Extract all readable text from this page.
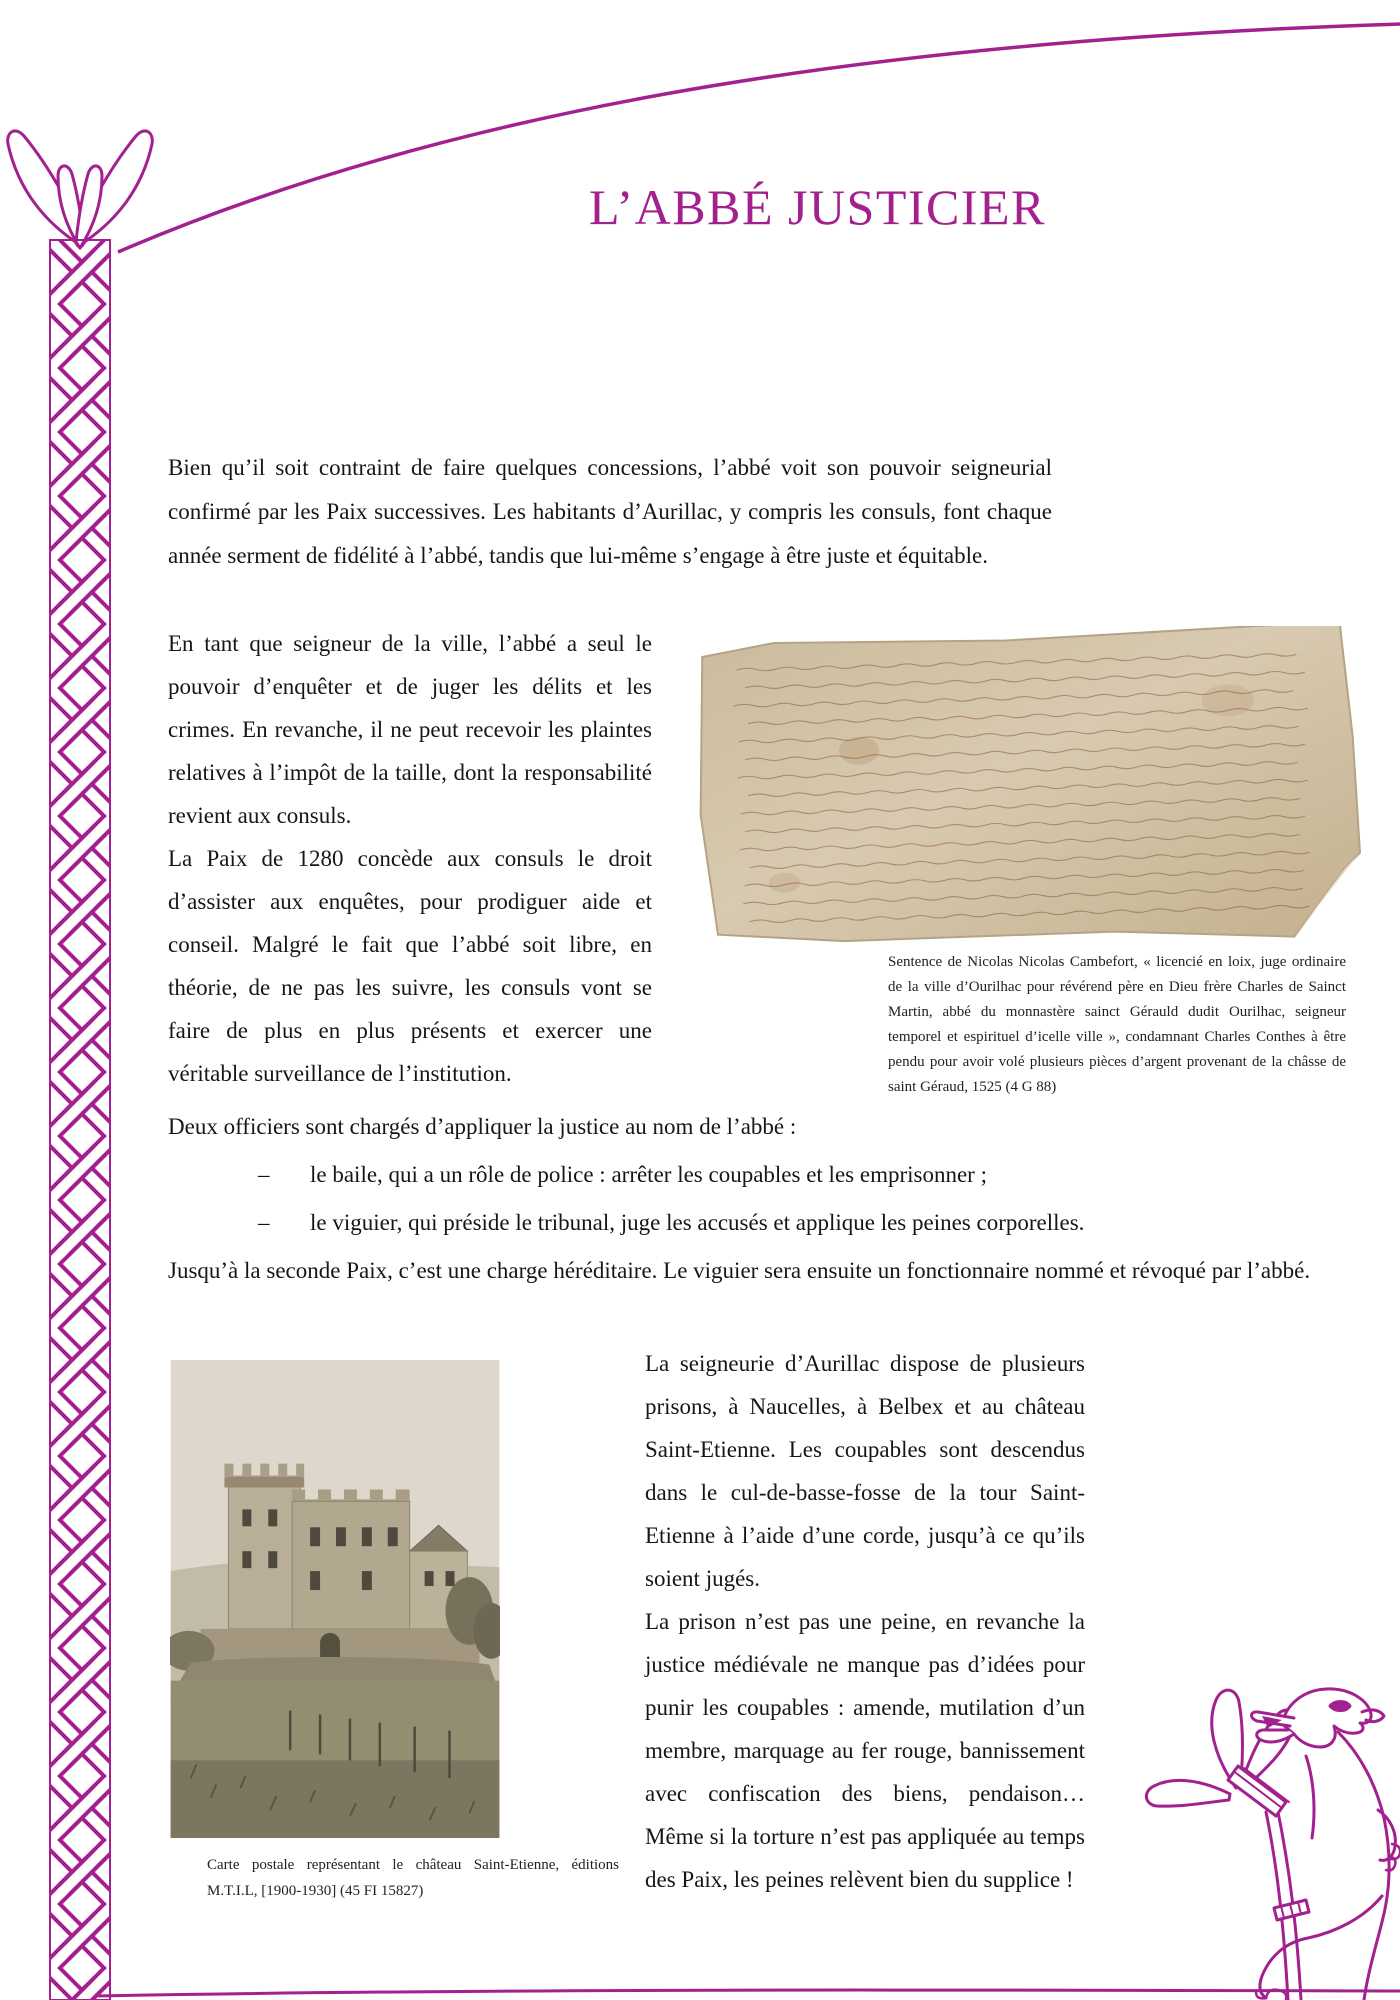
L’ABBÉ JUSTICIER

Bien qu’il soit contraint de faire quelques concessions, l’abbé voit son pouvoir seigneurial confirmé par les Paix successives. Les habitants d’Aurillac, y compris les consuls, font chaque année serment de fidélité à l’abbé, tandis que lui-même s’engage à être juste et équitable.

En tant que seigneur de la ville, l’abbé a seul le pouvoir d’enquêter et de juger les délits et les crimes. En revanche, il ne peut recevoir les plaintes relatives à l’impôt de la taille, dont la responsabilité revient aux consuls.

La Paix de 1280 concède aux consuls le droit d’assister aux enquêtes, pour prodiguer aide et conseil. Malgré le fait que l’abbé soit libre, en théorie, de ne pas les suivre, les consuls vont se faire de plus en plus présents et exercer une véritable surveillance de l’institution.

Sentence de Nicolas Nicolas Cambefort, « licencié en loix, juge ordinaire de la ville d’Ourilhac pour révérend père en Dieu frère Charles de Sainct Martin, abbé du monnastère sainct Gérauld dudit Ourilhac, seigneur temporel et espirituel d’icelle ville », condamnant Charles Conthes à être pendu pour avoir volé plusieurs pièces d’argent provenant de la châsse de saint Géraud, 1525 (4 G 88)

Deux officiers sont chargés d’appliquer la justice au nom de l’abbé :

–	le baile, qui a un rôle de police : arrêter les coupables et les emprisonner ;
–	le viguier, qui préside le tribunal, juge les accusés et applique les peines corporelles.

Jusqu’à la seconde Paix, c’est une charge héréditaire. Le viguier sera ensuite un fonctionnaire nommé et révoqué par l’abbé.

Carte postale représentant le château Saint-Etienne, éditions M.T.I.L, [1900-1930] (45 FI 15827)

La seigneurie d’Aurillac dispose de plusieurs prisons, à Naucelles, à Belbex et au château Saint-Etienne. Les coupables sont descendus dans le cul-de-basse-fosse de la tour Saint-Etienne à l’aide d’une corde, jusqu’à ce qu’ils soient jugés.

La prison n’est pas une peine, en revanche la justice médiévale ne manque pas d’idées pour punir les coupables : amende, mutilation d’un membre, marquage au fer rouge, bannissement avec confiscation des biens, pendaison… Même si la torture n’est pas appliquée au temps des Paix, les peines relèvent bien du supplice !
